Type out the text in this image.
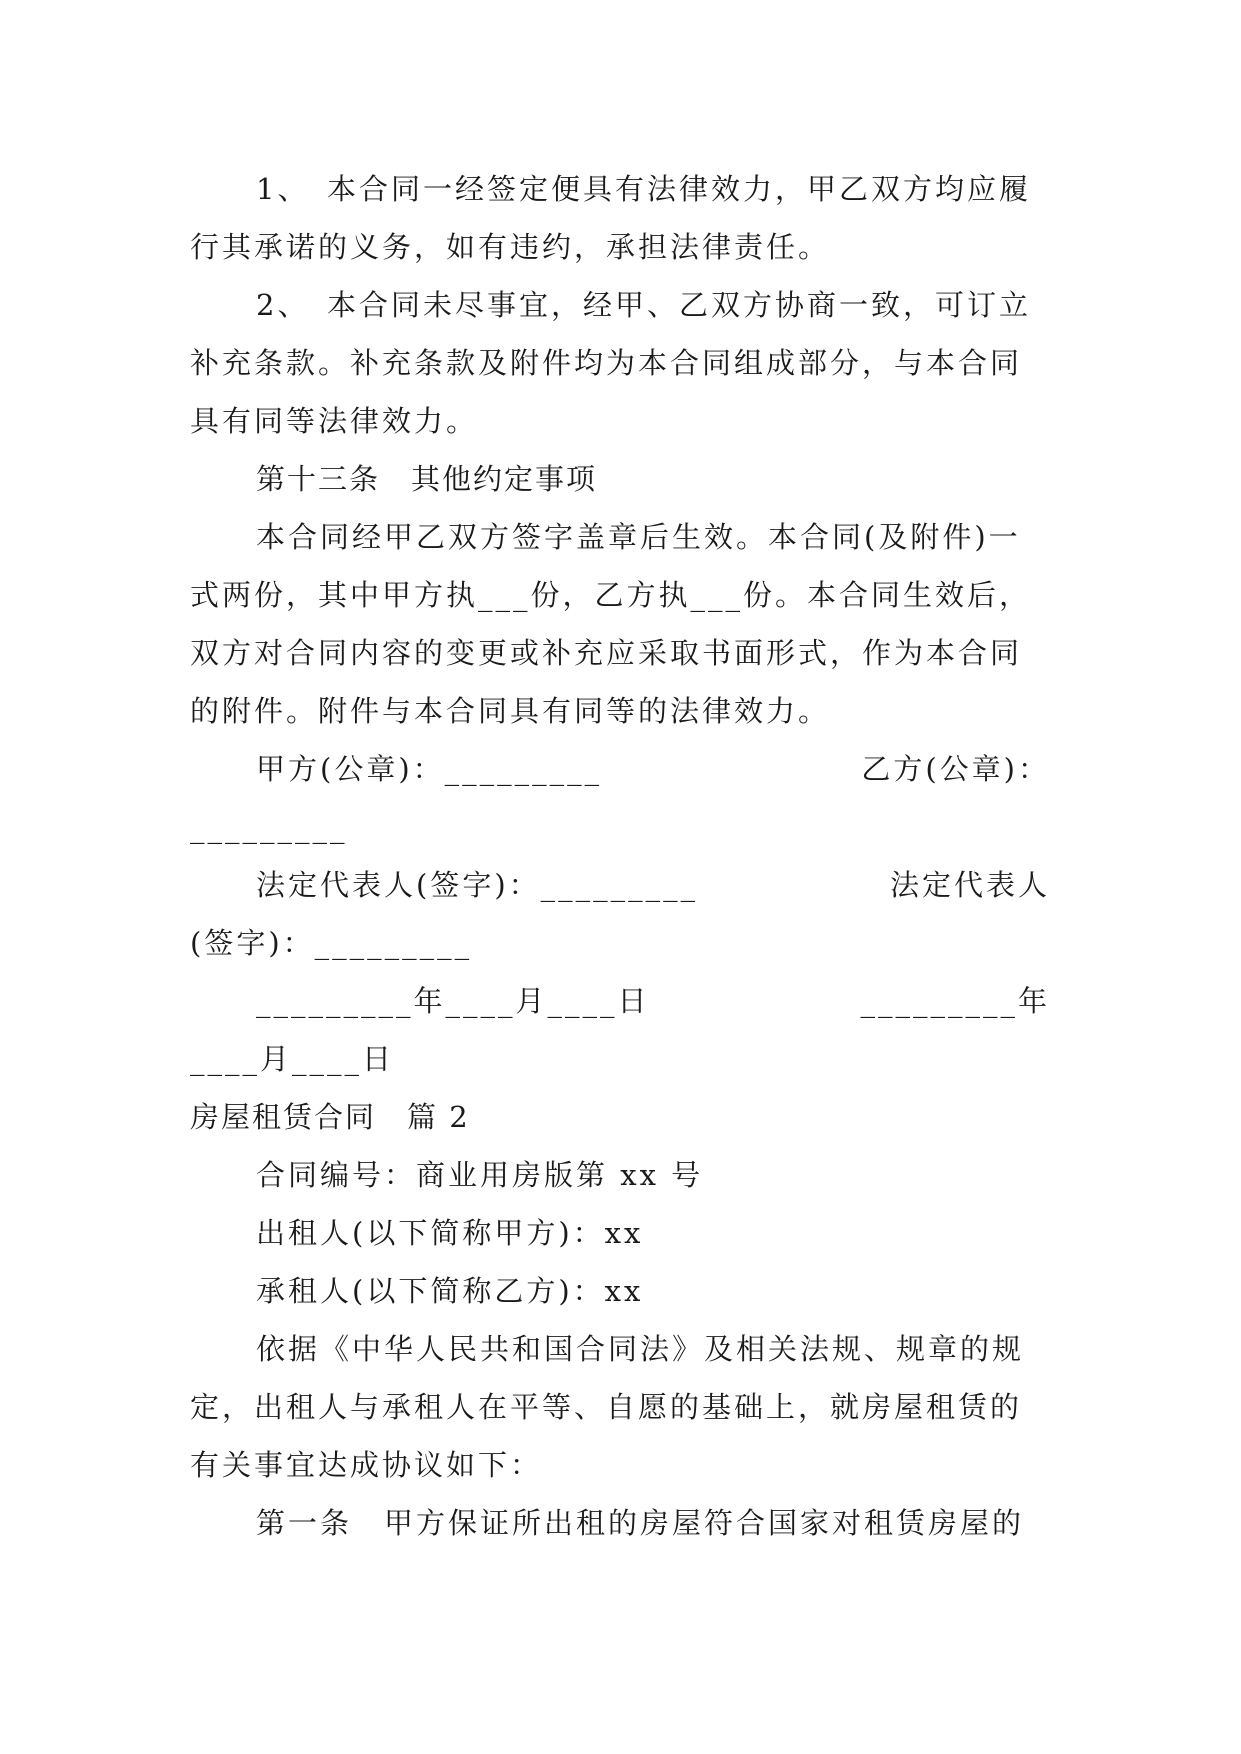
1、　本合同一经签定便具有法律效力，甲乙双方均应履
行其承诺的义务，如有违约，承担法律责任。
2、　本合同未尽事宜，经甲、乙双方协商一致，可订立
补充条款。补充条款及附件均为本合同组成部分，与本合同
具有同等法律效力。
第十三条　其他约定事项
本合同经甲乙双方签字盖章后生效。本合同(及附件)一
式两份，其中甲方执___份，乙方执___份。本合同生效后，
双方对合同内容的变更或补充应采取书面形式，作为本合同
的附件。附件与本合同具有同等的法律效力。
甲方(公章)：_________	乙方(公章)：
_________
法定代表人(签字)：_________	法定代表人
(签字)：_________
_________年____月____日	_________年
____月____日
房屋租赁合同　篇 2
合同编号：商业用房版第 xx 号
出租人(以下简称甲方)：xx
承租人(以下简称乙方)：xx
依据《中华人民共和国合同法》及相关法规、规章的规
定，出租人与承租人在平等、自愿的基础上，就房屋租赁的
有关事宜达成协议如下：
第一条　甲方保证所出租的房屋符合国家对租赁房屋的
